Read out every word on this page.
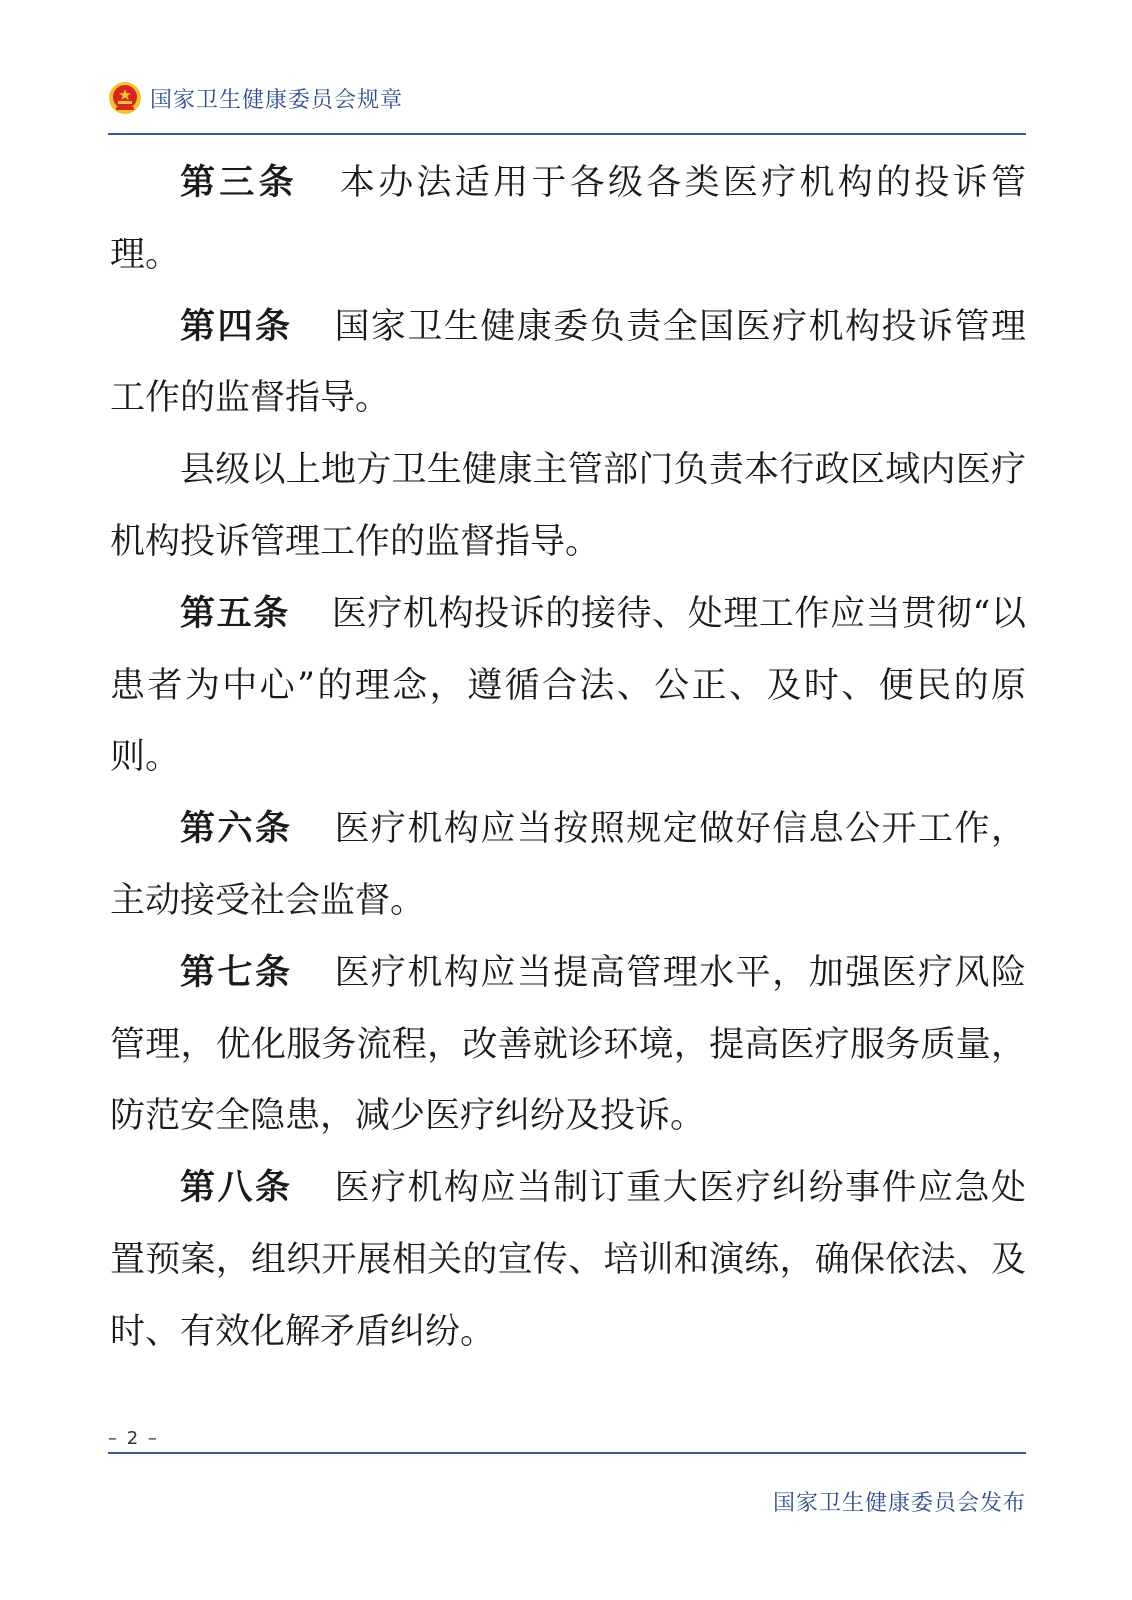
国家卫生健康委员会规章

第三条 本办法适用于各级各类医疗机构的投诉管理。

第四条 国家卫生健康委负责全国医疗机构投诉管理工作的监督指导。

县级以上地方卫生健康主管部门负责本行政区域内医疗机构投诉管理工作的监督指导。

第五条 医疗机构投诉的接待、处理工作应当贯彻“以患者为中心”的理念，遵循合法、公正、及时、便民的原则。

第六条 医疗机构应当按照规定做好信息公开工作，主动接受社会监督。

第七条 医疗机构应当提高管理水平，加强医疗风险管理，优化服务流程，改善就诊环境，提高医疗服务质量，防范安全隐患，减少医疗纠纷及投诉。

第八条 医疗机构应当制订重大医疗纠纷事件应急处置预案，组织开展相关的宣传、培训和演练，确保依法、及时、有效化解矛盾纠纷。

– 2 –
国家卫生健康委员会发布
